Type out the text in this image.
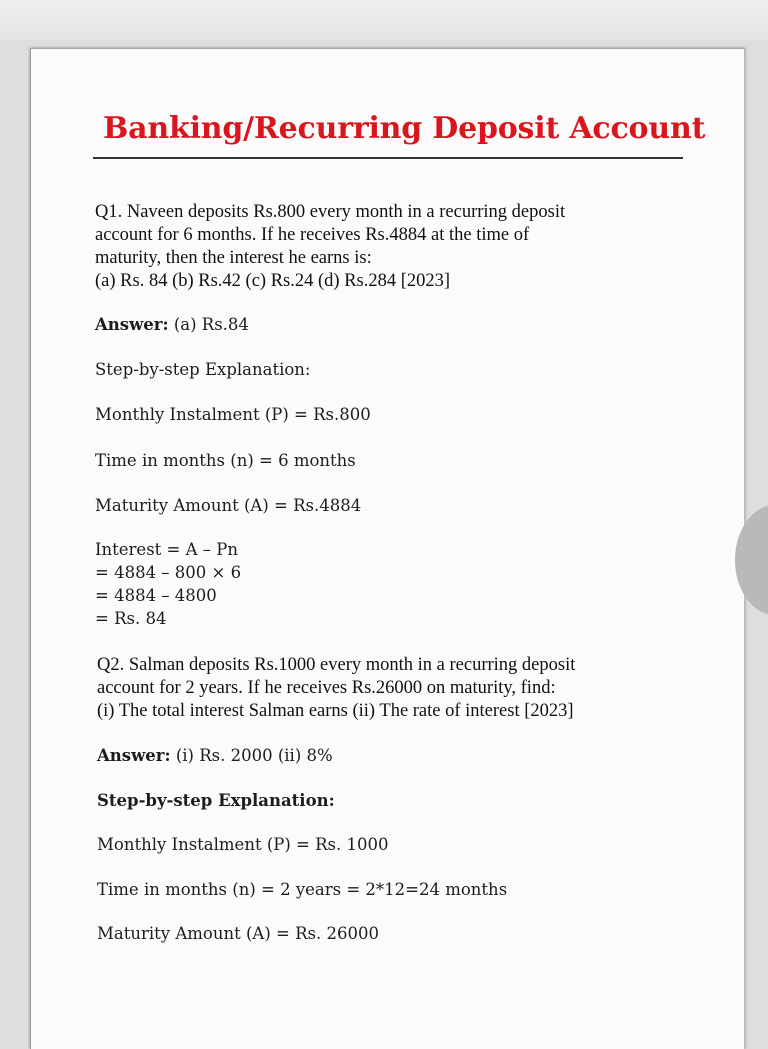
Banking/Recurring Deposit Account

Q1. Naveen deposits Rs.800 every month in a recurring deposit

account for 6 months. If he receives Rs.4884 at the time of

maturity, then the interest he earns is:

(a) Rs. 84 (b) Rs.42 (c) Rs.24 (d) Rs.284 [2023]

Answer: (a) Rs.84

Step-by-step Explanation:

Monthly Instalment (P) = Rs.800

Time in months (n) = 6 months

Maturity Amount (A) = Rs.4884

Interest = A – Pn

= 4884 – 800 × 6

= 4884 – 4800

= Rs. 84

Q2. Salman deposits Rs.1000 every month in a recurring deposit

account for 2 years. If he receives Rs.26000 on maturity, find:

(i) The total interest Salman earns (ii) The rate of interest [2023]

Answer: (i) Rs. 2000 (ii) 8%

Step-by-step Explanation:

Monthly Instalment (P) = Rs. 1000

Time in months (n) = 2 years = 2*12=24 months

Maturity Amount (A) = Rs. 26000
